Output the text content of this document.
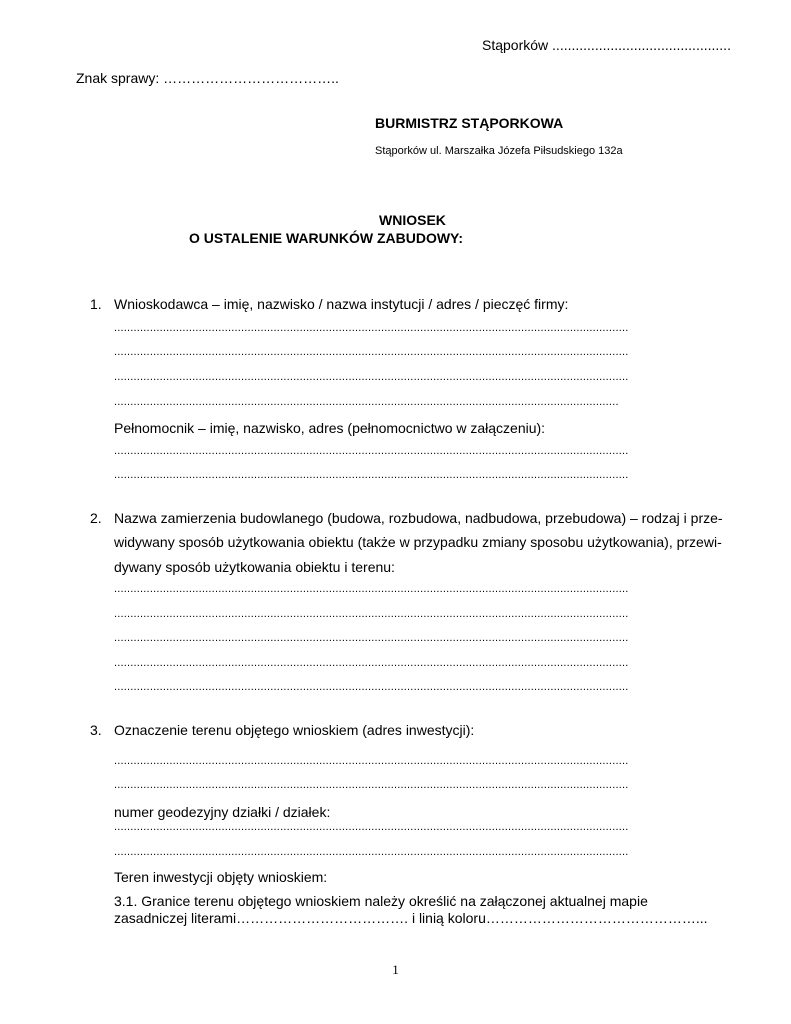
Stąporków ..............................................
Znak sprawy: ………………………………..
BURMISTRZ STĄPORKOWA
Stąporków ul. Marszałka Józefa Piłsudskiego 132a
WNIOSEK
O USTALENIE WARUNKÓW ZABUDOWY:
1. Wnioskodawca – imię, nazwisko / nazwa instytucji / adres / pieczęć firmy:
..............................................................................................................................................................
..............................................................................................................................................................
..............................................................................................................................................................
...........................................................................................................................................................
Pełnomocnik – imię, nazwisko, adres (pełnomocnictwo w załączeniu):
..............................................................................................................................................................
..............................................................................................................................................................
2. Nazwa zamierzenia budowlanego (budowa, rozbudowa, nadbudowa, przebudowa) – rodzaj i prze-
widywany sposób użytkowania obiektu (także w przypadku zmiany sposobu użytkowania), przewi-
dywany sposób użytkowania obiektu i terenu:
..............................................................................................................................................................
..............................................................................................................................................................
..............................................................................................................................................................
..............................................................................................................................................................
..............................................................................................................................................................
3. Oznaczenie terenu objętego wnioskiem (adres inwestycji):
..............................................................................................................................................................
..............................................................................................................................................................
numer geodezyjny działki / działek:
..............................................................................................................................................................
..............................................................................................................................................................
Teren inwestycji objęty wnioskiem:
3.1. Granice terenu objętego wnioskiem należy określić na załączonej aktualnej mapie
zasadniczej literami………………………………. i linią koloru………………………………………...
1
